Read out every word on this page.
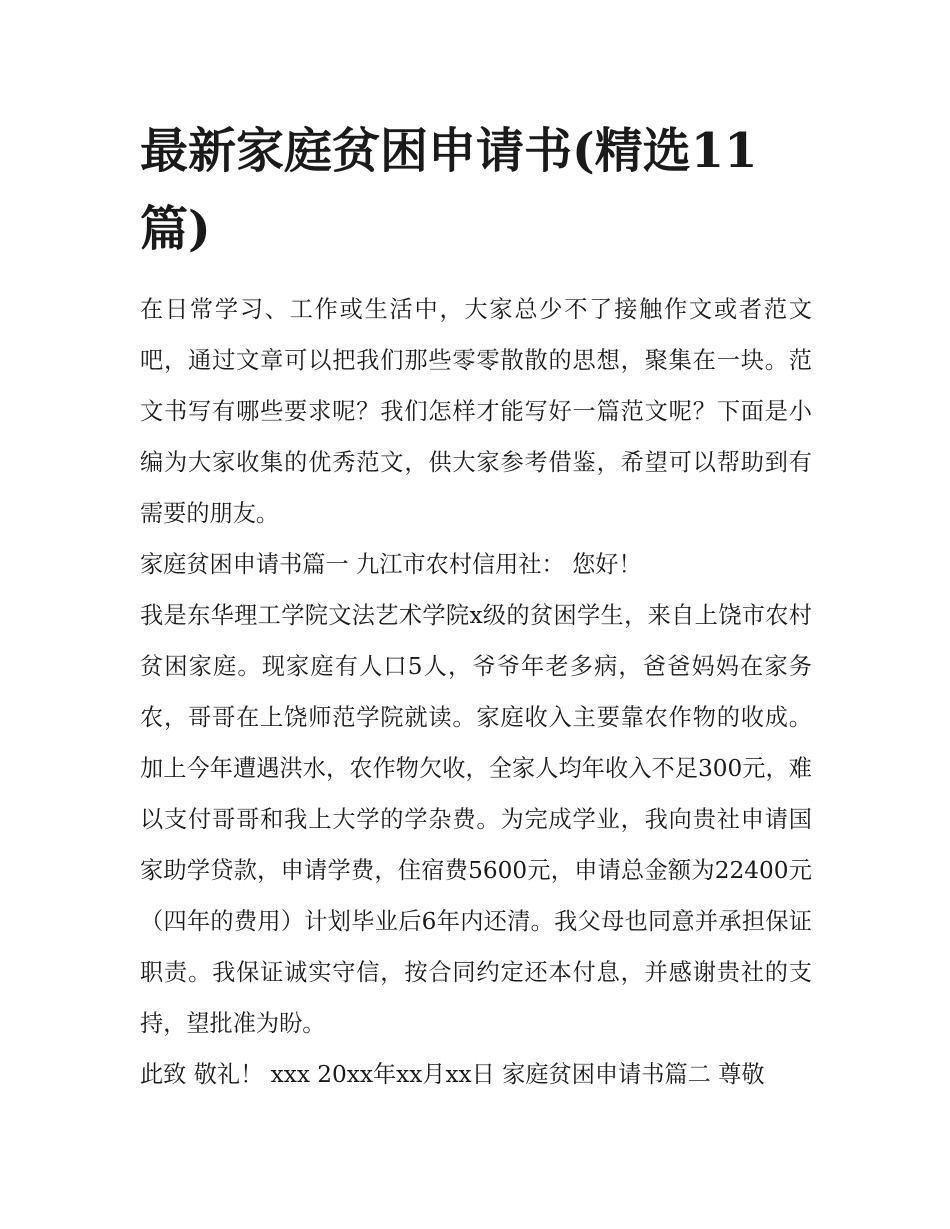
最新家庭贫困申请书(精选11篇)

在日常学习、工作或生活中，大家总少不了接触作文或者范文吧，通过文章可以把我们那些零零散散的思想，聚集在一块。范文书写有哪些要求呢？我们怎样才能写好一篇范文呢？下面是小编为大家收集的优秀范文，供大家参考借鉴，希望可以帮助到有需要的朋友。

家庭贫困申请书篇一 九江市农村信用社： 您好！

我是东华理工学院文法艺术学院x级的贫困学生，来自上饶市农村贫困家庭。现家庭有人口5人，爷爷年老多病，爸爸妈妈在家务农，哥哥在上饶师范学院就读。家庭收入主要靠农作物的收成。加上今年遭遇洪水，农作物欠收，全家人均年收入不足300元，难以支付哥哥和我上大学的学杂费。为完成学业，我向贵社申请国家助学贷款，申请学费，住宿费5600元，申请总金额为22400元（四年的费用）计划毕业后6年内还清。我父母也同意并承担保证职责。我保证诚实守信，按合同约定还本付息，并感谢贵社的支持，望批准为盼。

此致 敬礼！ xxx 20xx年xx月xx日 家庭贫困申请书篇二 尊敬
